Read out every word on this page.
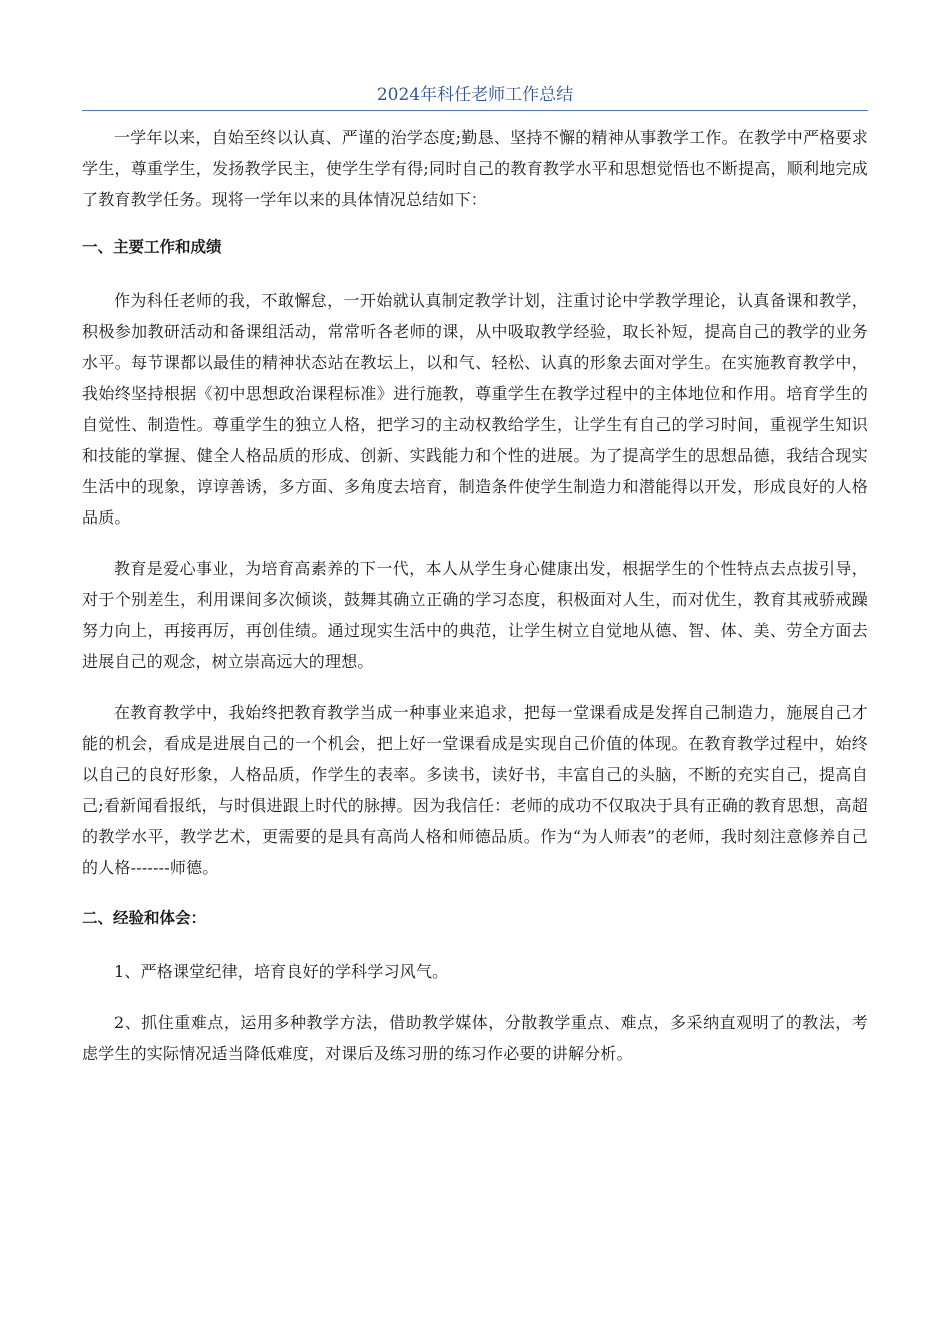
2024年科任老师工作总结

一学年以来，自始至终以认真、严谨的治学态度;勤恳、坚持不懈的精神从事教学工作。在教学中严格要求学生，尊重学生，发扬教学民主，使学生学有得;同时自己的教育教学水平和思想觉悟也不断提高，顺利地完成了教育教学任务。现将一学年以来的具体情况总结如下：

一、主要工作和成绩

作为科任老师的我，不敢懈怠，一开始就认真制定教学计划，注重讨论中学教学理论，认真备课和教学，积极参加教研活动和备课组活动，常常听各老师的课，从中吸取教学经验，取长补短，提高自己的教学的业务水平。每节课都以最佳的精神状态站在教坛上，以和气、轻松、认真的形象去面对学生。在实施教育教学中，我始终坚持根据《初中思想政治课程标准》进行施教，尊重学生在教学过程中的主体地位和作用。培育学生的自觉性、制造性。尊重学生的独立人格，把学习的主动权教给学生，让学生有自己的学习时间，重视学生知识和技能的掌握、健全人格品质的形成、创新、实践能力和个性的进展。为了提高学生的思想品德，我结合现实生活中的现象，谆谆善诱，多方面、多角度去培育，制造条件使学生制造力和潜能得以开发，形成良好的人格品质。

教育是爱心事业，为培育高素养的下一代，本人从学生身心健康出发，根据学生的个性特点去点拔引导，对于个别差生，利用课间多次倾谈，鼓舞其确立正确的学习态度，积极面对人生，而对优生，教育其戒骄戒躁努力向上，再接再厉，再创佳绩。通过现实生活中的典范，让学生树立自觉地从德、智、体、美、劳全方面去进展自己的观念，树立崇高远大的理想。

在教育教学中，我始终把教育教学当成一种事业来追求，把每一堂课看成是发挥自己制造力，施展自己才能的机会，看成是进展自己的一个机会，把上好一堂课看成是实现自己价值的体现。在教育教学过程中，始终以自己的良好形象，人格品质，作学生的表率。多读书，读好书，丰富自己的头脑，不断的充实自己，提高自己;看新闻看报纸，与时俱进跟上时代的脉搏。因为我信任：老师的成功不仅取决于具有正确的教育思想，高超的教学水平，教学艺术，更需要的是具有高尚人格和师德品质。作为“为人师表”的老师，我时刻注意修养自己的人格-------师德。

二、经验和体会：

1、严格课堂纪律，培育良好的学科学习风气。

2、抓住重难点，运用多种教学方法，借助教学媒体，分散教学重点、难点，多采纳直观明了的教法，考虑学生的实际情况适当降低难度，对课后及练习册的练习作必要的讲解分析。
